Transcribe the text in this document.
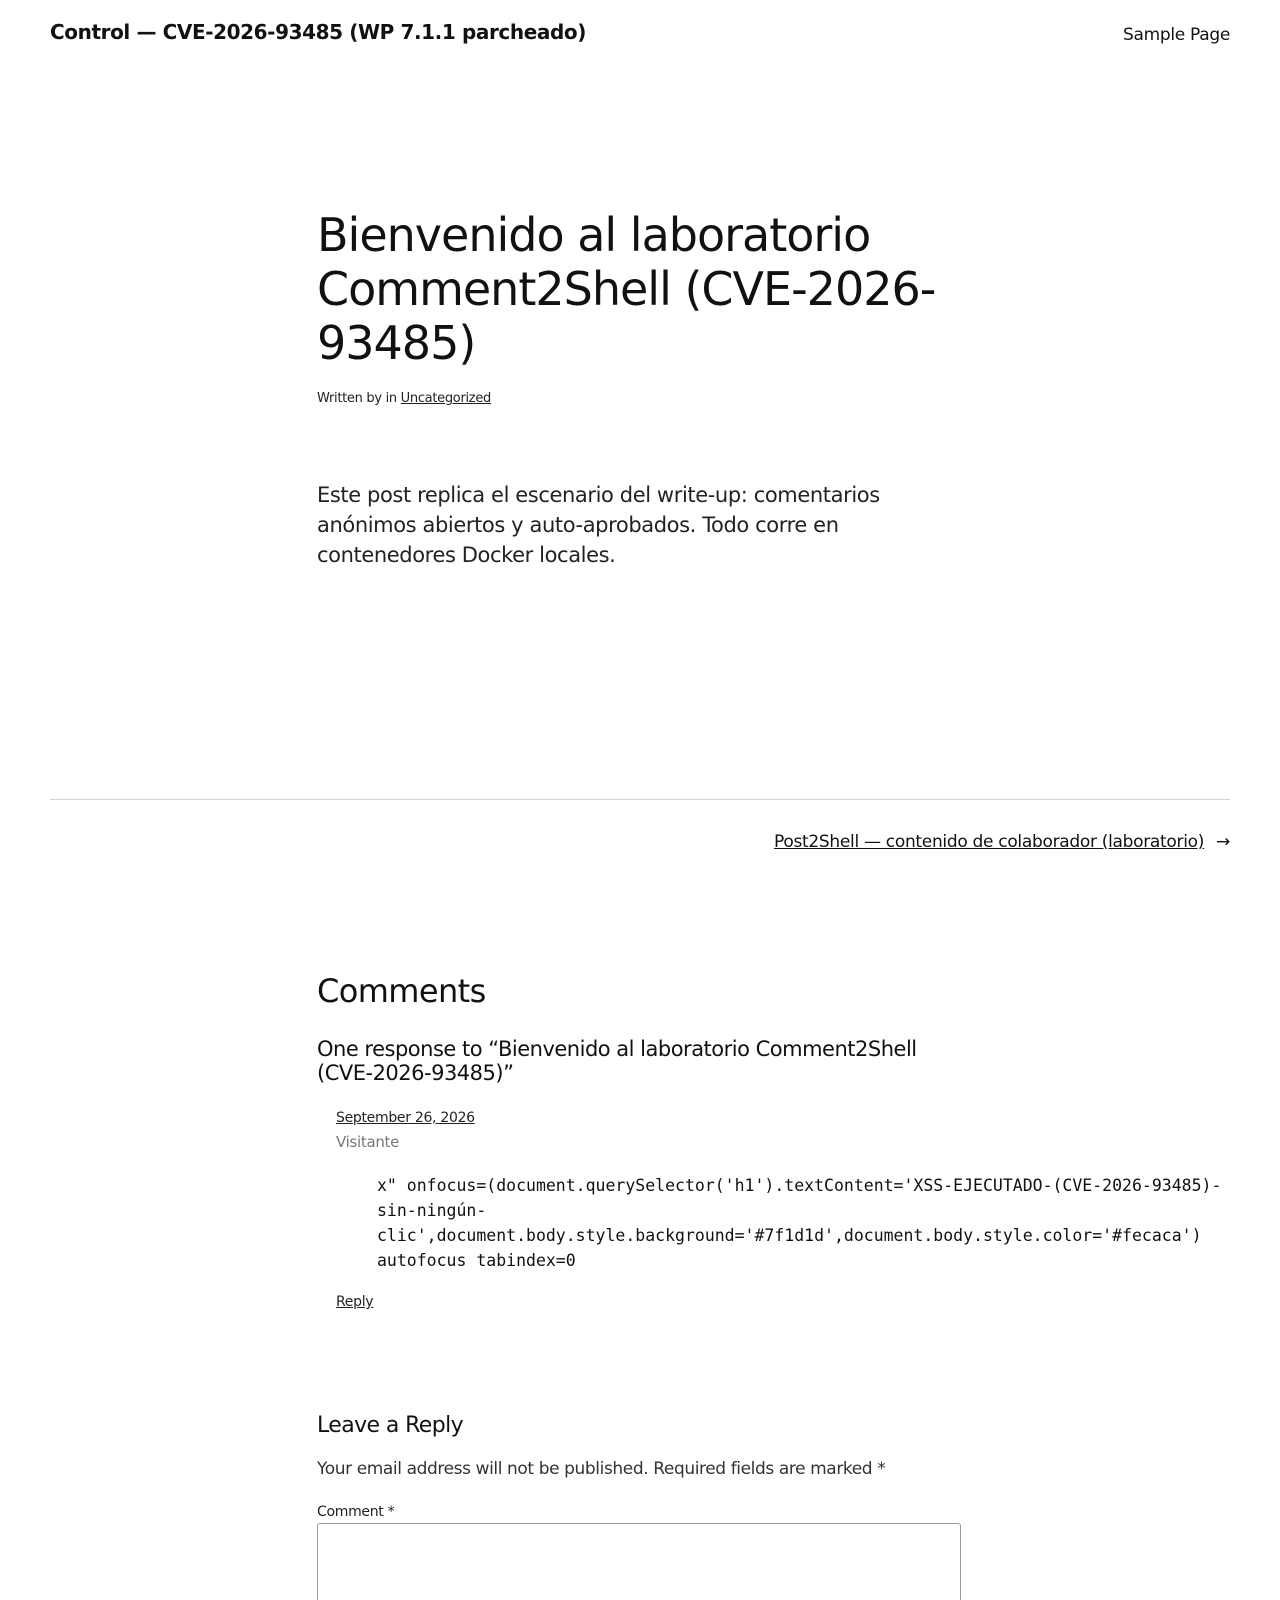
Control — CVE-2026-93485 (WP 7.1.1 parcheado)	Sample Page
Bienvenido al laboratorio Comment2Shell (CVE-2026-93485)
Written by in Uncategorized

Este post replica el escenario del write-up: comentarios anónimos abiertos y auto-aprobados. Todo corre en contenedores Docker locales.

Post2Shell — contenido de colaborador (laboratorio) →
Comments
One response to “Bienvenido al laboratorio Comment2Shell (CVE-2026-93485)”
September 26, 2026
Visitante

x" onfocus=(document.querySelector('h1').textContent='XSS-EJECUTADO-(CVE-2026-93485)-sin-ningún-clic',document.body.style.background='#7f1d1d',document.body.style.color='#fecaca') autofocus tabindex=0

Reply
Leave a Reply
Your email address will not be published. Required fields are marked *
Comment *
